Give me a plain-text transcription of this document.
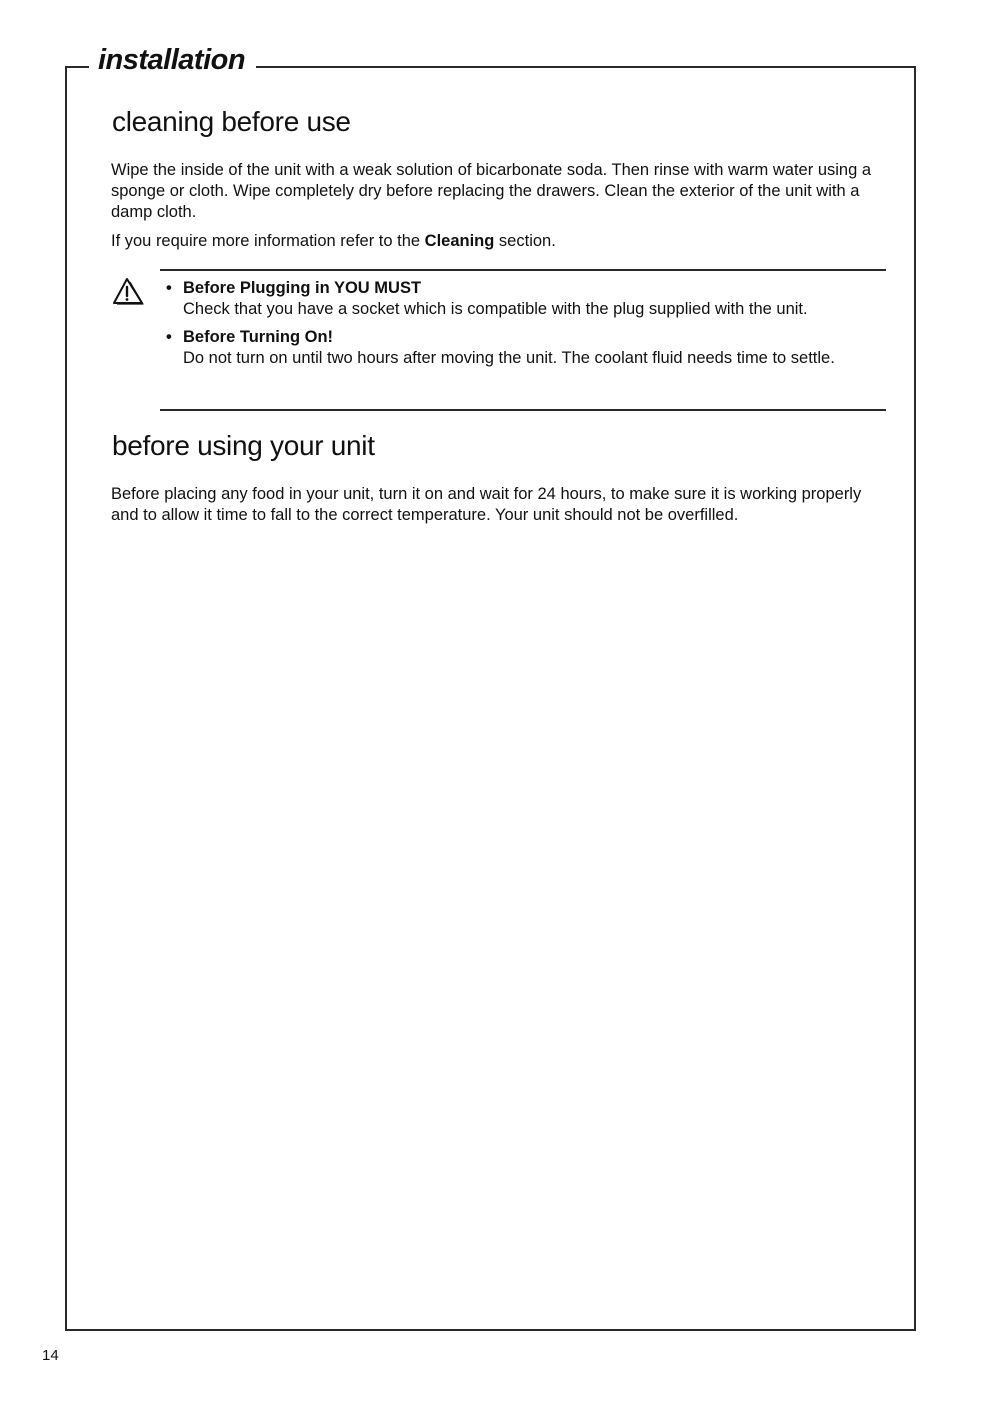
installation
cleaning before use

Wipe the inside of the unit with a weak solution of bicarbonate soda. Then rinse with warm water using a sponge or cloth. Wipe completely dry before replacing the drawers. Clean the exterior of the unit with a damp cloth.

If you require more information refer to the Cleaning section.

• Before Plugging in YOU MUST

Check that you have a socket which is compatible with the plug supplied with the unit.

• Before Turning On!

Do not turn on until two hours after moving the unit. The coolant fluid needs time to settle.

before using your unit

Before placing any food in your unit, turn it on and wait for 24 hours, to make sure it is working properly and to allow it time to fall to the correct temperature. Your unit should not be overfilled.

14
